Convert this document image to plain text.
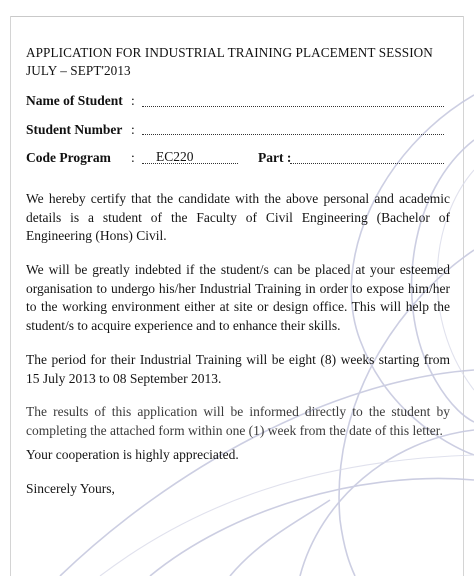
APPLICATION FOR INDUSTRIAL TRAINING PLACEMENT SESSION JULY – SEPT'2013
Name of Student :
Student Number :
Code Program : EC220	Part :
We hereby certify that the candidate with the above personal and academic details is a student of the Faculty of Civil Engineering (Bachelor of Engineering (Hons) Civil.
We will be greatly indebted if the student/s can be placed at your esteemed organisation to undergo his/her Industrial Training in order to expose him/her to the working environment either at site or design office. This will help the student/s to acquire experience and to enhance their skills.
The period for their Industrial Training will be eight (8) weeks starting from 15 July 2013 to 08 September 2013.
The results of this application will be informed directly to the student by completing the attached form within one (1) week from the date of this letter.
Your cooperation is highly appreciated.
Sincerely Yours,
